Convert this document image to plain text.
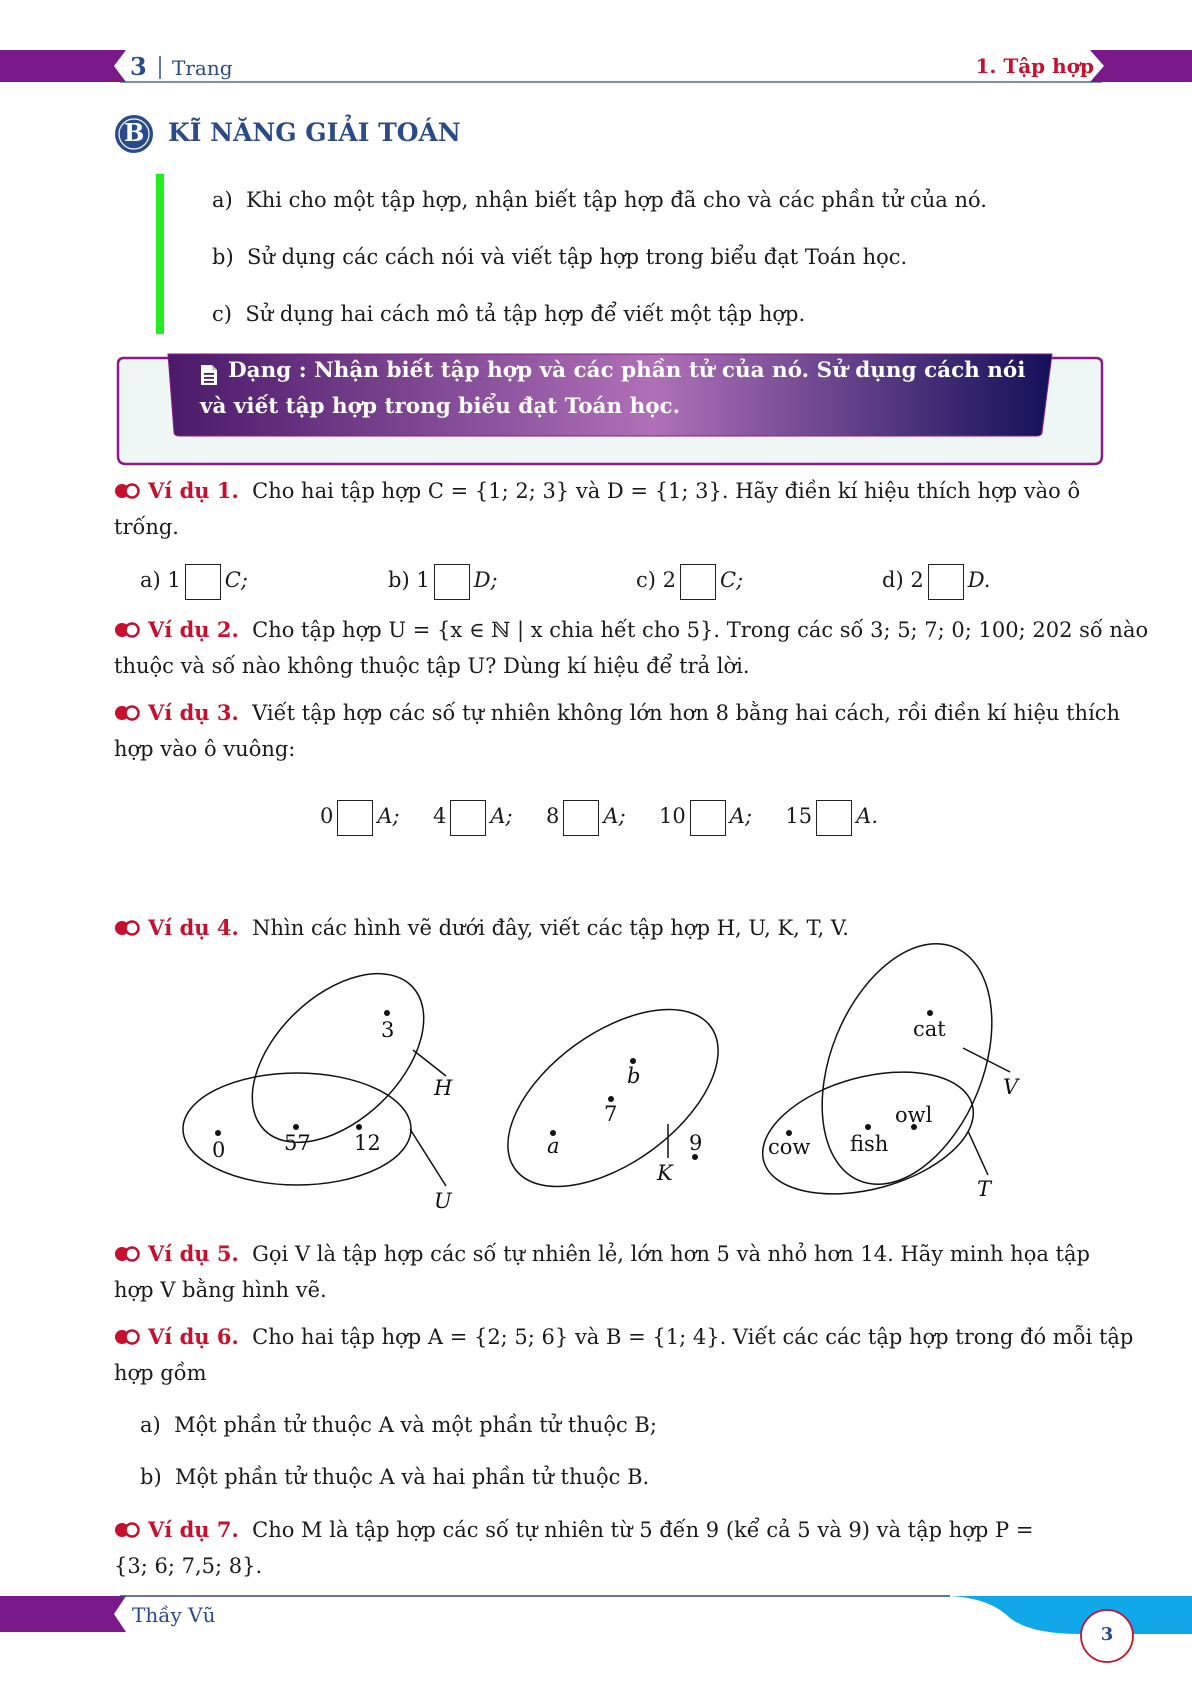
3 Trang	1. Tập hợp
B KĨ NĂNG GIẢI TOÁN
a) Khi cho một tập hợp, nhận biết tập hợp đã cho và các phần tử của nó.
b) Sử dụng các cách nói và viết tập hợp trong biểu đạt Toán học.
c) Sử dụng hai cách mô tả tập hợp để viết một tập hợp.
Dạng : Nhận biết tập hợp và các phần tử của nó. Sử dụng cách nói
và viết tập hợp trong biểu đạt Toán học.
Ví dụ 1. Cho hai tập hợp C = {1; 2; 3} và D = {1; 3}. Hãy điền kí hiệu thích hợp vào ô
trống.
a) 1 C;	b) 1 D;	c) 2 C;	d) 2 D.
Ví dụ 2. Cho tập hợp U = {x ∈ ℕ | x chia hết cho 5}. Trong các số 3; 5; 7; 0; 100; 202 số nào
thuộc và số nào không thuộc tập U? Dùng kí hiệu để trả lời.
Ví dụ 3. Viết tập hợp các số tự nhiên không lớn hơn 8 bằng hai cách, rồi điền kí hiệu thích
hợp vào ô vuông:
0 A; 4 A; 8 A; 10 A; 15 A.
Ví dụ 4. Nhìn các hình vẽ dưới đây, viết các tập hợp H, U, K, T, V.
3
0	57 12
H
U
b
7
a	9
K
cat
owl
cow fish
V
T
Ví dụ 5. Gọi V là tập hợp các số tự nhiên lẻ, lớn hơn 5 và nhỏ hơn 14. Hãy minh họa tập
hợp V bằng hình vẽ.
Ví dụ 6. Cho hai tập hợp A = {2; 5; 6} và B = {1; 4}. Viết các các tập hợp trong đó mỗi tập
hợp gồm
a) Một phần tử thuộc A và một phần tử thuộc B;
b) Một phần tử thuộc A và hai phần tử thuộc B.
Ví dụ 7. Cho M là tập hợp các số tự nhiên từ 5 đến 9 (kể cả 5 và 9) và tập hợp P =
{3; 6; 7,5; 8}.
Thầy Vũ
3
